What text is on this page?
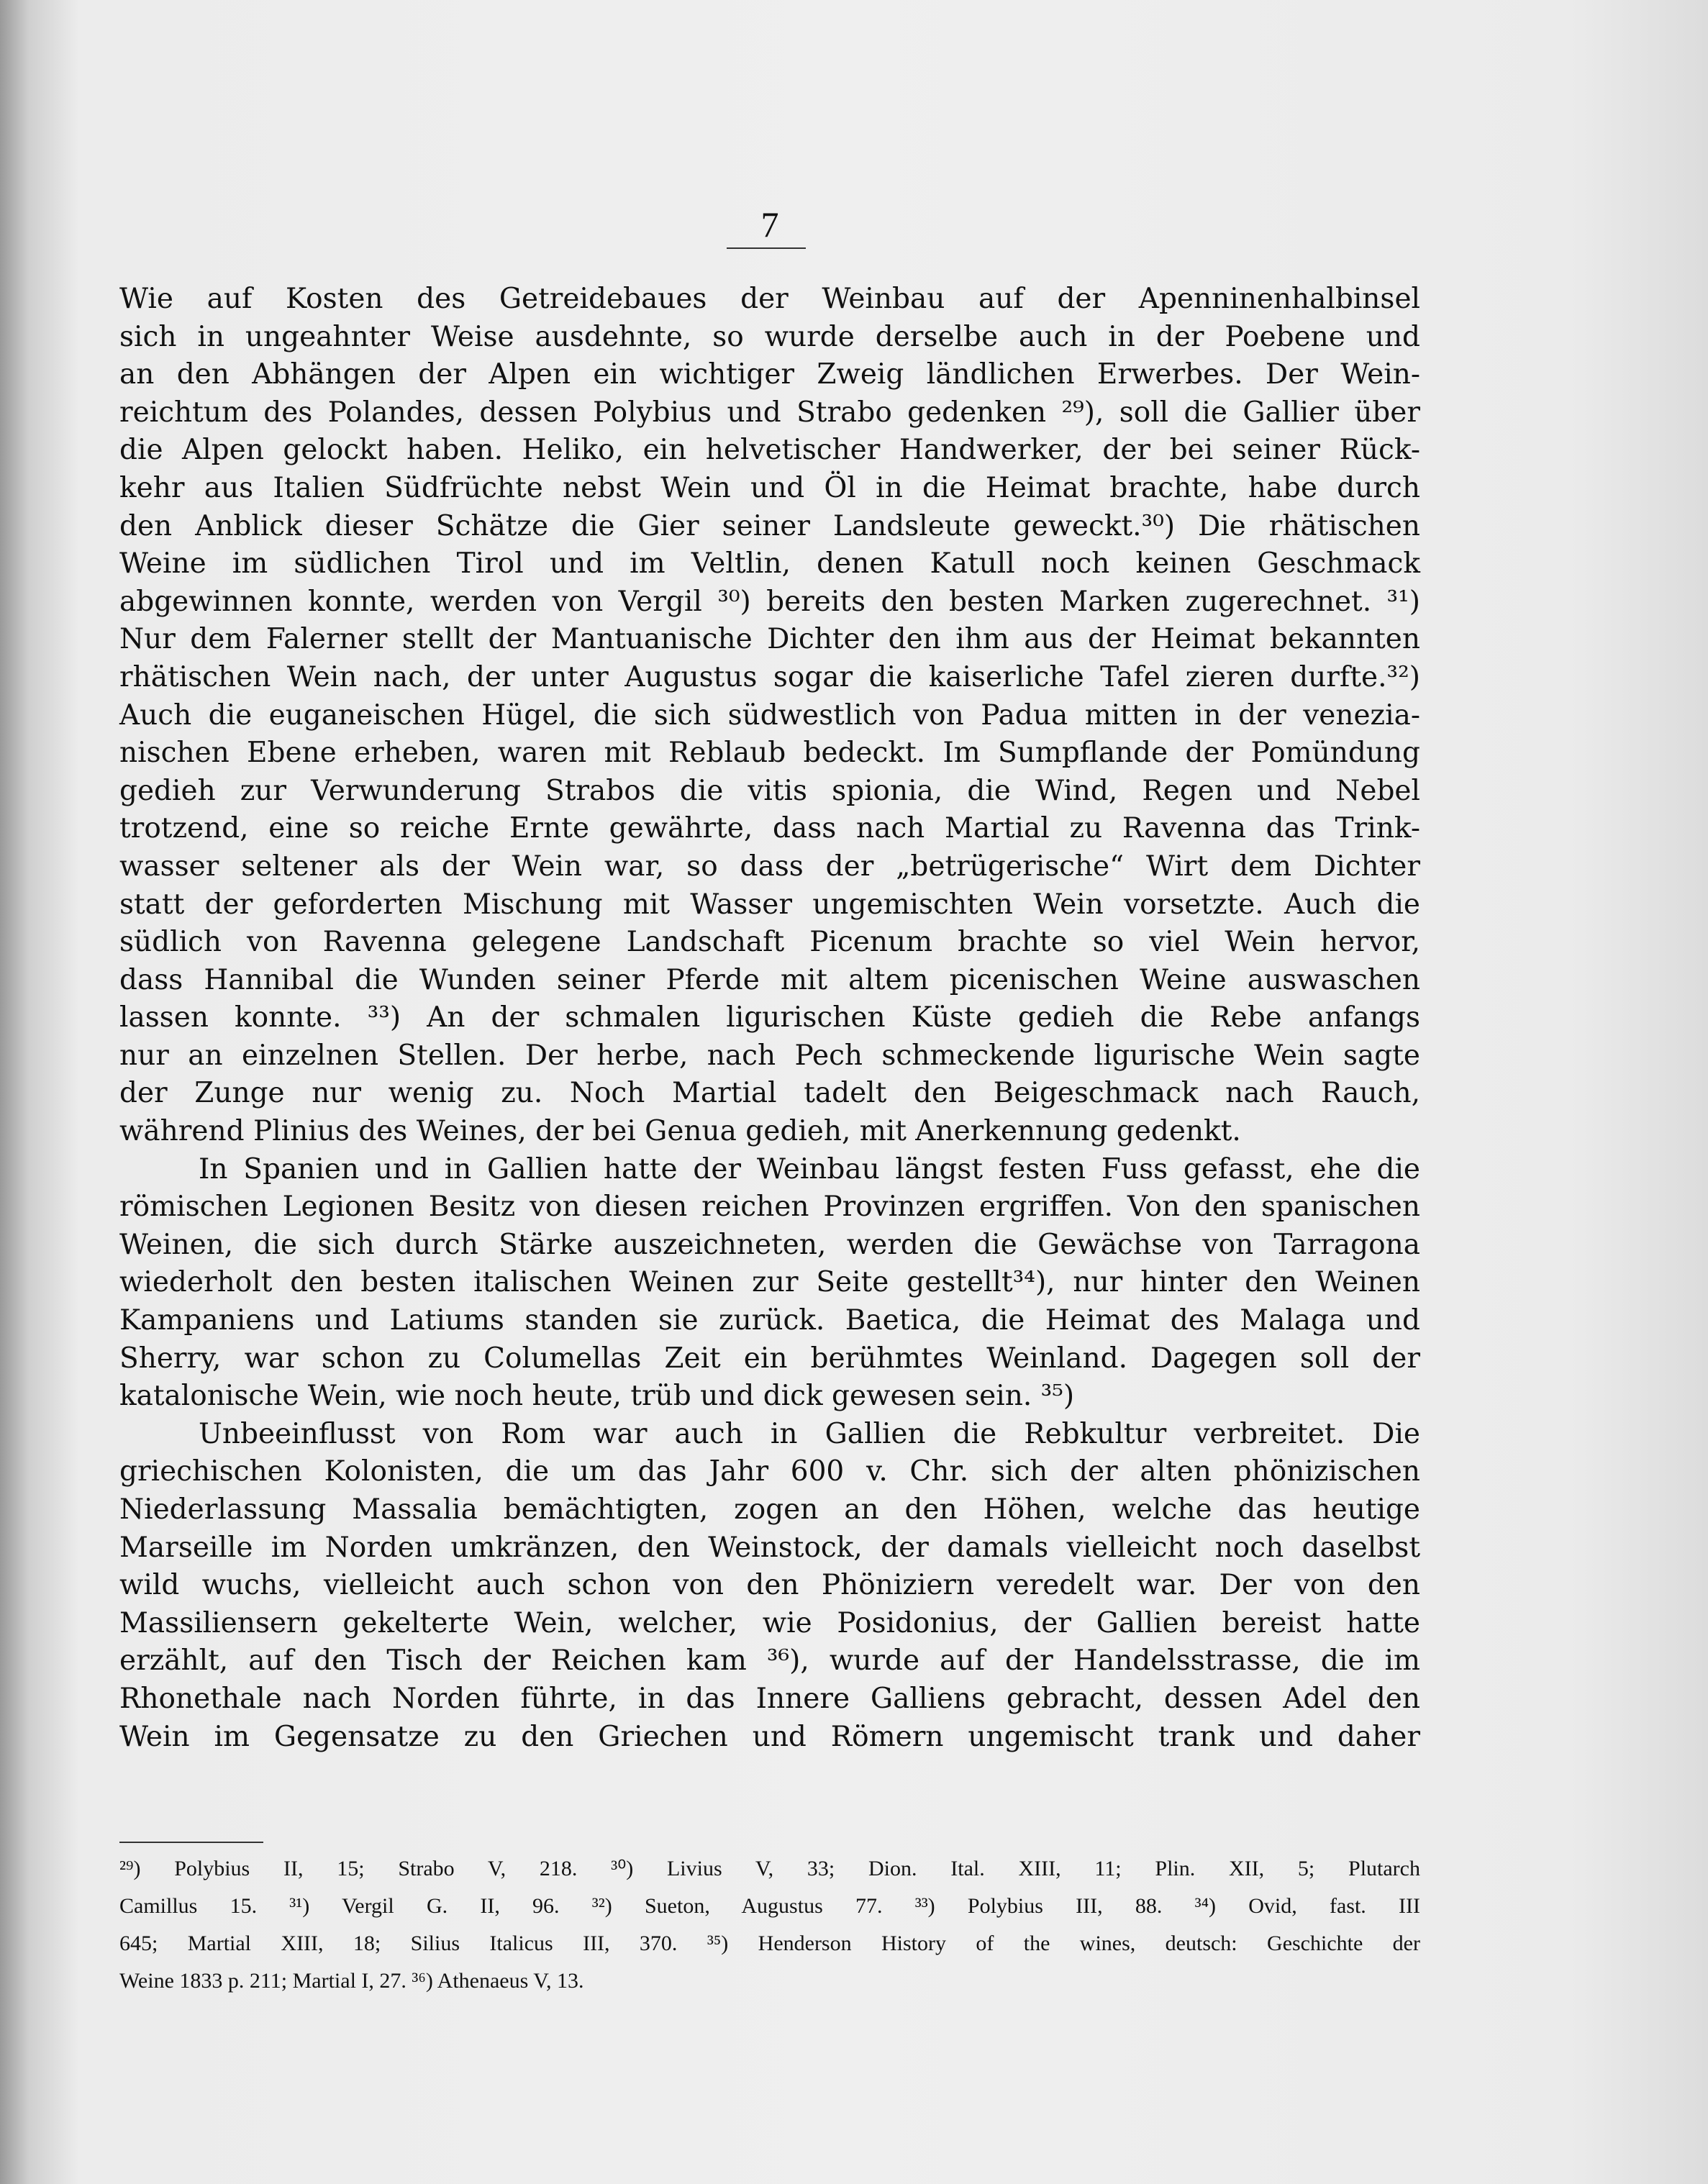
7
Wie auf Kosten des Getreidebaues der Weinbau auf der Apenninenhalbinsel
sich in ungeahnter Weise ausdehnte, so wurde derselbe auch in der Poebene und
an den Abhängen der Alpen ein wichtiger Zweig ländlichen Erwerbes. Der Wein-
reichtum des Polandes, dessen Polybius und Strabo gedenken ²⁹), soll die Gallier über
die Alpen gelockt haben. Heliko, ein helvetischer Handwerker, der bei seiner Rück-
kehr aus Italien Südfrüchte nebst Wein und Öl in die Heimat brachte, habe durch
den Anblick dieser Schätze die Gier seiner Landsleute geweckt.³⁰) Die rhätischen
Weine im südlichen Tirol und im Veltlin, denen Katull noch keinen Geschmack
abgewinnen konnte, werden von Vergil ³⁰) bereits den besten Marken zugerechnet. ³¹)
Nur dem Falerner stellt der Mantuanische Dichter den ihm aus der Heimat bekannten
rhätischen Wein nach, der unter Augustus sogar die kaiserliche Tafel zieren durfte.³²)
Auch die euganeischen Hügel, die sich südwestlich von Padua mitten in der venezia-
nischen Ebene erheben, waren mit Reblaub bedeckt. Im Sumpflande der Pomündung
gedieh zur Verwunderung Strabos die vitis spionia, die Wind, Regen und Nebel
trotzend, eine so reiche Ernte gewährte, dass nach Martial zu Ravenna das Trink-
wasser seltener als der Wein war, so dass der „betrügerische“ Wirt dem Dichter
statt der geforderten Mischung mit Wasser ungemischten Wein vorsetzte. Auch die
südlich von Ravenna gelegene Landschaft Picenum brachte so viel Wein hervor,
dass Hannibal die Wunden seiner Pferde mit altem picenischen Weine auswaschen
lassen konnte. ³³) An der schmalen ligurischen Küste gedieh die Rebe anfangs
nur an einzelnen Stellen. Der herbe, nach Pech schmeckende ligurische Wein sagte
der Zunge nur wenig zu. Noch Martial tadelt den Beigeschmack nach Rauch,
während Plinius des Weines, der bei Genua gedieh, mit Anerkennung gedenkt.
In Spanien und in Gallien hatte der Weinbau längst festen Fuss gefasst, ehe die
römischen Legionen Besitz von diesen reichen Provinzen ergriffen. Von den spanischen
Weinen, die sich durch Stärke auszeichneten, werden die Gewächse von Tarragona
wiederholt den besten italischen Weinen zur Seite gestellt³⁴), nur hinter den Weinen
Kampaniens und Latiums standen sie zurück. Baetica, die Heimat des Malaga und
Sherry, war schon zu Columellas Zeit ein berühmtes Weinland. Dagegen soll der
katalonische Wein, wie noch heute, trüb und dick gewesen sein. ³⁵)
Unbeeinflusst von Rom war auch in Gallien die Rebkultur verbreitet. Die
griechischen Kolonisten, die um das Jahr 600 v. Chr. sich der alten phönizischen
Niederlassung Massalia bemächtigten, zogen an den Höhen, welche das heutige
Marseille im Norden umkränzen, den Weinstock, der damals vielleicht noch daselbst
wild wuchs, vielleicht auch schon von den Phöniziern veredelt war. Der von den
Massiliensern gekelterte Wein, welcher, wie Posidonius, der Gallien bereist hatte
erzählt, auf den Tisch der Reichen kam ³⁶), wurde auf der Handelsstrasse, die im
Rhonethale nach Norden führte, in das Innere Galliens gebracht, dessen Adel den
Wein im Gegensatze zu den Griechen und Römern ungemischt trank und daher
²⁹) Polybius II, 15; Strabo V, 218. ³⁰) Livius V, 33; Dion. Ital. XIII, 11; Plin. XII, 5; Plutarch
Camillus 15. ³¹) Vergil G. II, 96. ³²) Sueton, Augustus 77. ³³) Polybius III, 88. ³⁴) Ovid, fast. III
645; Martial XIII, 18; Silius Italicus III, 370. ³⁵) Henderson History of the wines, deutsch: Geschichte der
Weine 1833 p. 211; Martial I, 27. ³⁶) Athenaeus V, 13.
